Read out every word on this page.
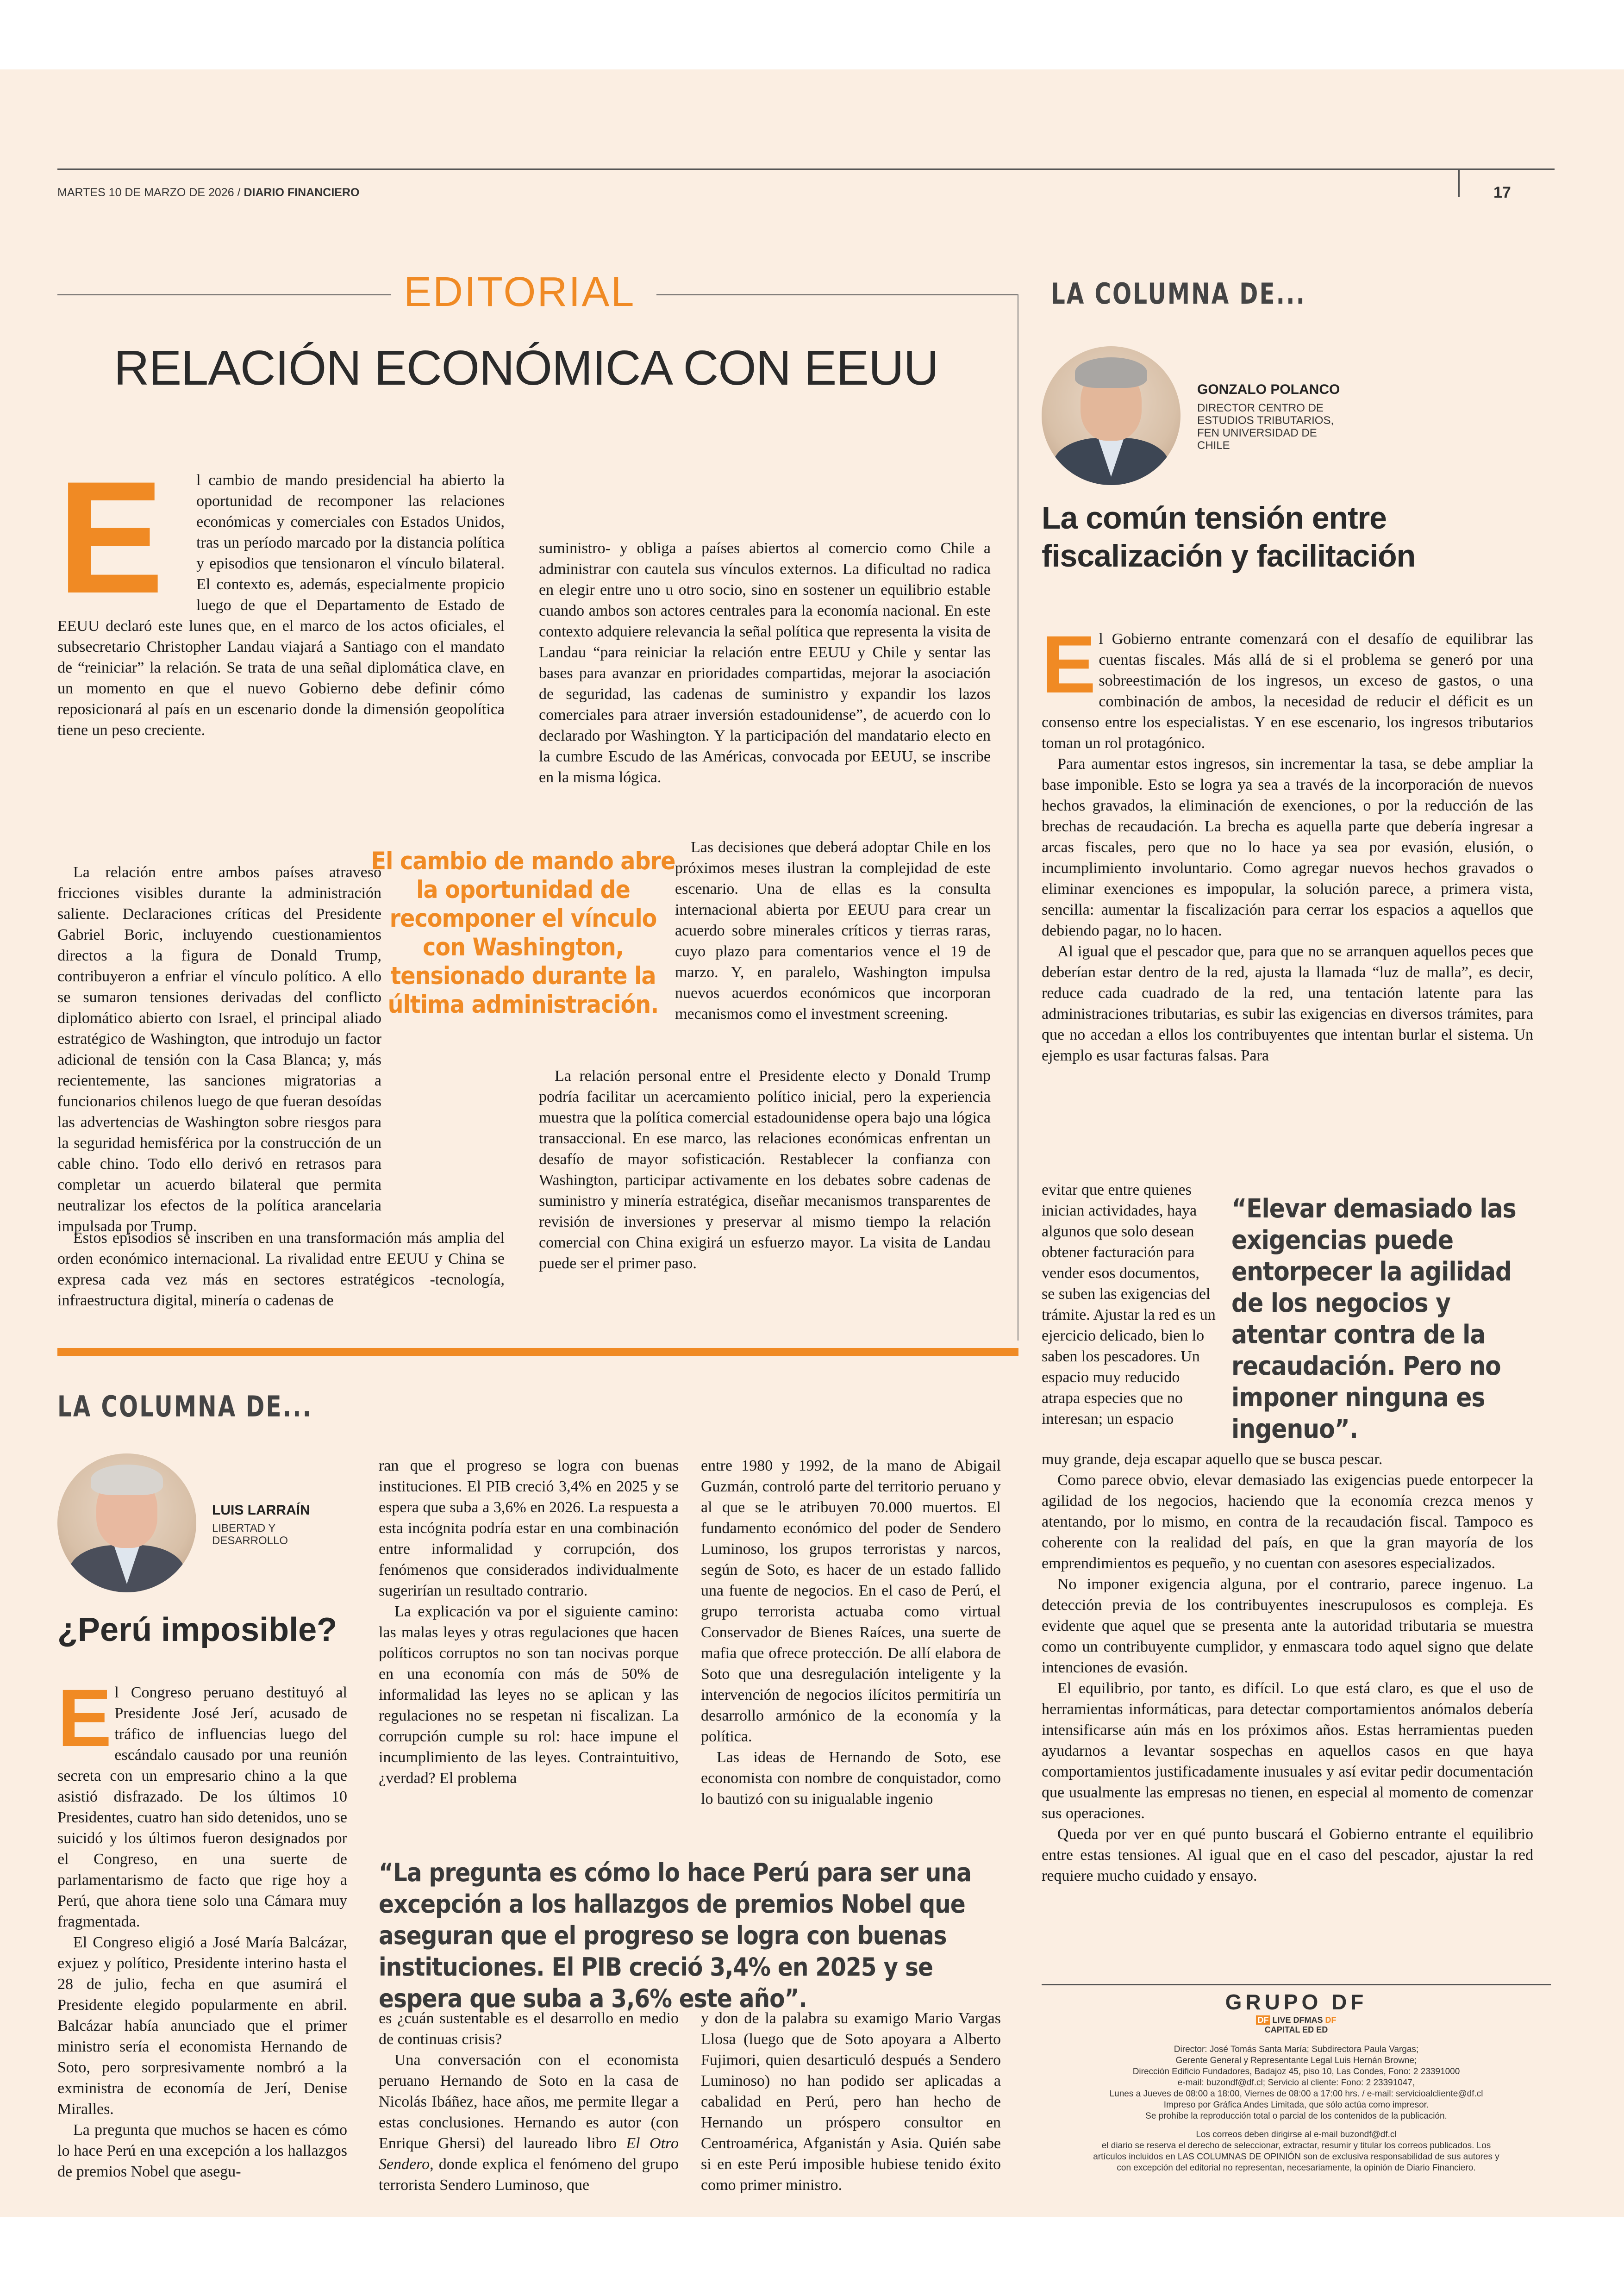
MARTES 10 DE MARZO DE 2026 / DIARIO FINANCIERO	17
EDITORIAL
RELACIÓN ECONÓMICA CON EEUU

E l cambio de mando presidencial ha abierto la oportunidad de recomponer las relaciones económicas y comerciales con Estados Unidos, tras un período marcado por la distancia política y episodios que tensionaron el vínculo bilateral. El contexto es, además, especialmente propicio luego de que el Departamento de Estado de EEUU declaró este lunes que, en el marco de los actos oficiales, el subsecretario Christopher Landau viajará a Santiago con el mandato de “reiniciar” la relación. Se trata de una señal diplomática clave, en un momento en que el nuevo Gobierno debe definir cómo reposicionará al país en un escenario donde la dimensión geopolítica tiene un peso creciente.

La relación entre ambos países atravesó fricciones visibles durante la administración saliente. Declaraciones críticas del Presidente Gabriel Boric, incluyendo cuestionamientos directos a la figura de Donald Trump, contribuyeron a enfriar el vínculo político. A ello se sumaron tensiones derivadas del conflicto diplomático abierto con Israel, el principal aliado estratégico de Washington, que introdujo un factor adicional de tensión con la Casa Blanca; y, más recientemente, las sanciones migratorias a funcionarios chilenos luego de que fueran desoídas las advertencias de Washington sobre riesgos para la seguridad hemisférica por la construcción de un cable chino. Todo ello derivó en retrasos para completar un acuerdo bilateral que permita neutralizar los efectos de la política arancelaria impulsada por Trump.

Estos episodios se inscriben en una transformación más amplia del orden económico internacional. La rivalidad entre EEUU y China se expresa cada vez más en sectores estratégicos -tecnología, infraestructura digital, minería o cadenas de

El cambio de mando abre la oportunidad de recomponer el vínculo con Washington, tensionado durante la última administración.

suministro- y obliga a países abiertos al comercio como Chile a administrar con cautela sus vínculos externos. La dificultad no radica en elegir entre uno u otro socio, sino en sostener un equilibrio estable cuando ambos son actores centrales para la economía nacional. En este contexto adquiere relevancia la señal política que representa la visita de Landau “para reiniciar la relación entre EEUU y Chile y sentar las bases para avanzar en prioridades compartidas, mejorar la asociación de seguridad, las cadenas de suministro y expandir los lazos comerciales para atraer inversión estadounidense”, de acuerdo con lo declarado por Washington. Y la participación del mandatario electo en la cumbre Escudo de las Américas, convocada por EEUU, se inscribe en la misma lógica.

Las decisiones que deberá adoptar Chile en los próximos meses ilustran la complejidad de este escenario. Una de ellas es la consulta internacional abierta por EEUU para crear un acuerdo sobre minerales críticos y tierras raras, cuyo plazo para comentarios vence el 19 de marzo. Y, en paralelo, Washington impulsa nuevos acuerdos económicos que incorporan mecanismos como el investment screening.

La relación personal entre el Presidente electo y Donald Trump podría facilitar un acercamiento político inicial, pero la experiencia muestra que la política comercial estadounidense opera bajo una lógica transaccional. En ese marco, las relaciones económicas enfrentan un desafío de mayor sofisticación. Restablecer la confianza con Washington, participar activamente en los debates sobre cadenas de suministro y minería estratégica, diseñar mecanismos transparentes de revisión de inversiones y preservar al mismo tiempo la relación comercial con China exigirá un esfuerzo mayor. La visita de Landau puede ser el primer paso.

LA COLUMNA DE...
GONZALO POLANCO
DIRECTOR CENTRO DE ESTUDIOS TRIBUTARIOS, FEN UNIVERSIDAD DE CHILE
La común tensión entre fiscalización y facilitación

E l Gobierno entrante comenzará con el desafío de equilibrar las cuentas fiscales. Más allá de si el problema se generó por una sobreestimación de los ingresos, un exceso de gastos, o una combinación de ambos, la necesidad de reducir el déficit es un consenso entre los especialistas. Y en ese escenario, los ingresos tributarios toman un rol protagónico.

Para aumentar estos ingresos, sin incrementar la tasa, se debe ampliar la base imponible. Esto se logra ya sea a través de la incorporación de nuevos hechos gravados, la eliminación de exenciones, o por la reducción de las brechas de recaudación. La brecha es aquella parte que debería ingresar a arcas fiscales, pero que no lo hace ya sea por evasión, elusión, o incumplimiento involuntario. Como agregar nuevos hechos gravados o eliminar exenciones es impopular, la solución parece, a primera vista, sencilla: aumentar la fiscalización para cerrar los espacios a aquellos que debiendo pagar, no lo hacen.

Al igual que el pescador que, para que no se arranquen aquellos peces que deberían estar dentro de la red, ajusta la llamada “luz de malla”, es decir, reduce cada cuadrado de la red, una tentación latente para las administraciones tributarias, es subir las exigencias en diversos trámites, para que no accedan a ellos los contribuyentes que intentan burlar el sistema. Un ejemplo es usar facturas falsas. Para

evitar que entre quienes inician actividades, haya algunos que solo desean obtener facturación para vender esos documentos, se suben las exigencias del trámite. Ajustar la red es un ejercicio delicado, bien lo saben los pescadores. Un espacio muy reducido atrapa especies que no interesan; un espacio

“Elevar demasiado las exigencias puede entorpecer la agilidad de los negocios y atentar contra de la recaudación. Pero no imponer ninguna es ingenuo”.

muy grande, deja escapar aquello que se busca pescar.

Como parece obvio, elevar demasiado las exigencias puede entorpecer la agilidad de los negocios, haciendo que la economía crezca menos y atentando, por lo mismo, en contra de la recaudación fiscal. Tampoco es coherente con la realidad del país, en que la gran mayoría de los emprendimientos es pequeño, y no cuentan con asesores especializados.

No imponer exigencia alguna, por el contrario, parece ingenuo. La detección previa de los contribuyentes inescrupulosos es compleja. Es evidente que aquel que se presenta ante la autoridad tributaria se muestra como un contribuyente cumplidor, y enmascara todo aquel signo que delate intenciones de evasión.

El equilibrio, por tanto, es difícil. Lo que está claro, es que el uso de herramientas informáticas, para detectar comportamientos anómalos debería intensificarse aún más en los próximos años. Estas herramientas pueden ayudarnos a levantar sospechas en aquellos casos en que haya comportamientos justificadamente inusuales y así evitar pedir documentación que usualmente las empresas no tienen, en especial al momento de comenzar sus operaciones.

Queda por ver en qué punto buscará el Gobierno entrante el equilibrio entre estas tensiones. Al igual que en el caso del pescador, ajustar la red requiere mucho cuidado y ensayo.

GRUPO DF
DF LIVE DFMAS DF
CAPITAL ED ED
Director: José Tomás Santa María; Subdirectora Paula Vargas;
Gerente General y Representante Legal Luis Hernán Browne;
Dirección Edificio Fundadores, Badajoz 45, piso 10, Las Condes, Fono: 2 23391000
e-mail: buzondf@df.cl; Servicio al cliente: Fono: 2 23391047,
Lunes a Jueves de 08:00 a 18:00, Viernes de 08:00 a 17:00 hrs. / e-mail: servicioalcliente@df.cl
Impreso por Gráfica Andes Limitada, que sólo actúa como impresor.
Se prohíbe la reproducción total o parcial de los contenidos de la publicación.
Los correos deben dirigirse al e-mail buzondf@df.cl
el diario se reserva el derecho de seleccionar, extractar, resumir y titular los correos publicados. Los
artículos incluidos en LAS COLUMNAS DE OPINIÓN son de exclusiva responsabilidad de sus autores y
con excepción del editorial no representan, necesariamente, la opinión de Diario Financiero.
LA COLUMNA DE...
LUIS LARRAÍN
LIBERTAD Y DESARROLLO
¿Perú imposible?

E l Congreso peruano destituyó al Presidente José Jerí, acusado de tráfico de influencias luego del escándalo causado por una reunión secreta con un empresario chino a la que asistió disfrazado. De los últimos 10 Presidentes, cuatro han sido detenidos, uno se suicidó y los últimos fueron designados por el Congreso, en una suerte de parlamentarismo de facto que rige hoy a Perú, que ahora tiene solo una Cámara muy fragmentada.

El Congreso eligió a José María Balcázar, exjuez y político, Presidente interino hasta el 28 de julio, fecha en que asumirá el Presidente elegido popularmente en abril. Balcázar había anunciado que el primer ministro sería el economista Hernando de Soto, pero sorpresivamente nombró a la exministra de economía de Jerí, Denise Miralles.

La pregunta que muchos se hacen es cómo lo hace Perú en una excepción a los hallazgos de premios Nobel que asegu-

ran que el progreso se logra con buenas instituciones. El PIB creció 3,4% en 2025 y se espera que suba a 3,6% en 2026. La respuesta a esta incógnita podría estar en una combinación entre informalidad y corrupción, dos fenómenos que considerados individualmente sugerirían un resultado contrario.

La explicación va por el siguiente camino: las malas leyes y otras regulaciones que hacen políticos corruptos no son tan nocivas porque en una economía con más de 50% de informalidad las leyes no se aplican y las regulaciones no se respetan ni fiscalizan. La corrupción cumple su rol: hace impune el incumplimiento de las leyes. Contraintuitivo, ¿verdad? El problema

entre 1980 y 1992, de la mano de Abigail Guzmán, controló parte del territorio peruano y al que se le atribuyen 70.000 muertos. El fundamento económico del poder de Sendero Luminoso, los grupos terroristas y narcos, según de Soto, es hacer de un estado fallido una fuente de negocios. En el caso de Perú, el grupo terrorista actuaba como virtual Conservador de Bienes Raíces, una suerte de mafia que ofrece protección. De allí elabora de Soto que una desregulación inteligente y la intervención de negocios ilícitos permitiría un desarrollo armónico de la economía y la política.

Las ideas de Hernando de Soto, ese economista con nombre de conquistador, como lo bautizó con su inigualable ingenio

“La pregunta es cómo lo hace Perú para ser una excepción a los hallazgos de premios Nobel que aseguran que el progreso se logra con buenas instituciones. El PIB creció 3,4% en 2025 y se espera que suba a 3,6% este año”.

es ¿cuán sustentable es el desarrollo en medio de continuas crisis?

Una conversación con el economista peruano Hernando de Soto en la casa de Nicolás Ibáñez, hace años, me permite llegar a estas conclusiones. Hernando es autor (con Enrique Ghersi) del laureado libro El Otro Sendero, donde explica el fenómeno del grupo terrorista Sendero Luminoso, que

y don de la palabra su examigo Mario Vargas Llosa (luego que de Soto apoyara a Alberto Fujimori, quien desarticuló después a Sendero Luminoso) no han podido ser aplicadas a cabalidad en Perú, pero han hecho de Hernando un próspero consultor en Centroamérica, Afganistán y Asia. Quién sabe si en este Perú imposible hubiese tenido éxito como primer ministro.
